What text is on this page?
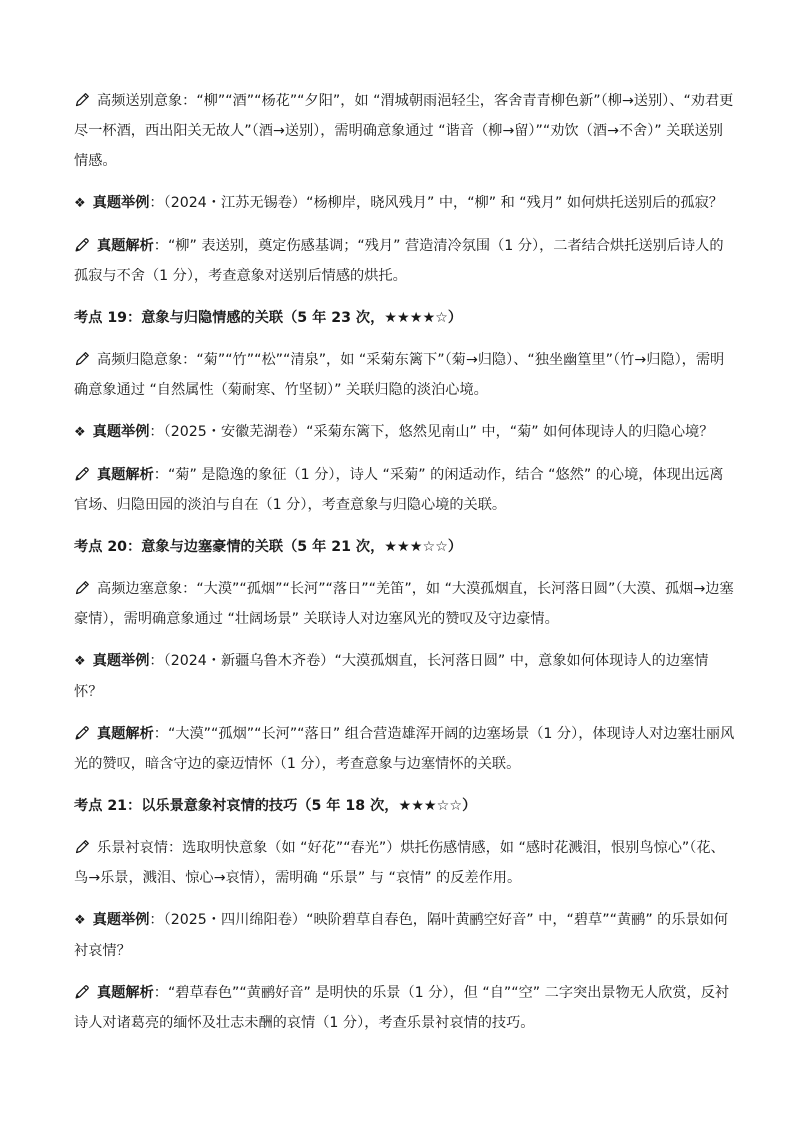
高频送别意象：“柳”“酒”“杨花”“夕阳”，如 “渭城朝雨浥轻尘，客舍青青柳色新”（柳→送别）、“劝君更尽一杯酒，西出阳关无故人”（酒→送别），需明确意象通过 “谐音（柳→留）”“劝饮（酒→不舍）” 关联送别情感。

❖ 真题举例：（2024・江苏无锡卷）“杨柳岸，晓风残月” 中，“柳” 和 “残月” 如何烘托送别后的孤寂？

真题解析：“柳” 表送别，奠定伤感基调；“残月” 营造清冷氛围（1 分），二者结合烘托送别后诗人的孤寂与不舍（1 分），考查意象对送别后情感的烘托。

考点 19：意象与归隐情感的关联（5 年 23 次，★★★★☆）

高频归隐意象：“菊”“竹”“松”“清泉”，如 “采菊东篱下”（菊→归隐）、“独坐幽篁里”（竹→归隐），需明确意象通过 “自然属性（菊耐寒、竹坚韧）” 关联归隐的淡泊心境。

❖ 真题举例：（2025・安徽芜湖卷）“采菊东篱下，悠然见南山” 中，“菊” 如何体现诗人的归隐心境？

真题解析：“菊” 是隐逸的象征（1 分），诗人 “采菊” 的闲适动作，结合 “悠然” 的心境，体现出远离官场、归隐田园的淡泊与自在（1 分），考查意象与归隐心境的关联。

考点 20：意象与边塞豪情的关联（5 年 21 次，★★★☆☆）

高频边塞意象：“大漠”“孤烟”“长河”“落日”“羌笛”，如 “大漠孤烟直，长河落日圆”（大漠、孤烟→边塞豪情），需明确意象通过 “壮阔场景” 关联诗人对边塞风光的赞叹及守边豪情。

❖ 真题举例：（2024・新疆乌鲁木齐卷）“大漠孤烟直，长河落日圆” 中，意象如何体现诗人的边塞情怀？

真题解析：“大漠”“孤烟”“长河”“落日” 组合营造雄浑开阔的边塞场景（1 分），体现诗人对边塞壮丽风光的赞叹，暗含守边的豪迈情怀（1 分），考查意象与边塞情怀的关联。

考点 21：以乐景意象衬哀情的技巧（5 年 18 次，★★★☆☆）

乐景衬哀情：选取明快意象（如 “好花”“春光”）烘托伤感情感，如 “感时花溅泪，恨别鸟惊心”（花、鸟→乐景，溅泪、惊心→哀情），需明确 “乐景” 与 “哀情” 的反差作用。

❖ 真题举例：（2025・四川绵阳卷）“映阶碧草自春色，隔叶黄鹂空好音” 中，“碧草”“黄鹂” 的乐景如何衬哀情？

真题解析：“碧草春色”“黄鹂好音” 是明快的乐景（1 分），但 “自”“空” 二字突出景物无人欣赏，反衬诗人对诸葛亮的缅怀及壮志未酬的哀情（1 分），考查乐景衬哀情的技巧。
